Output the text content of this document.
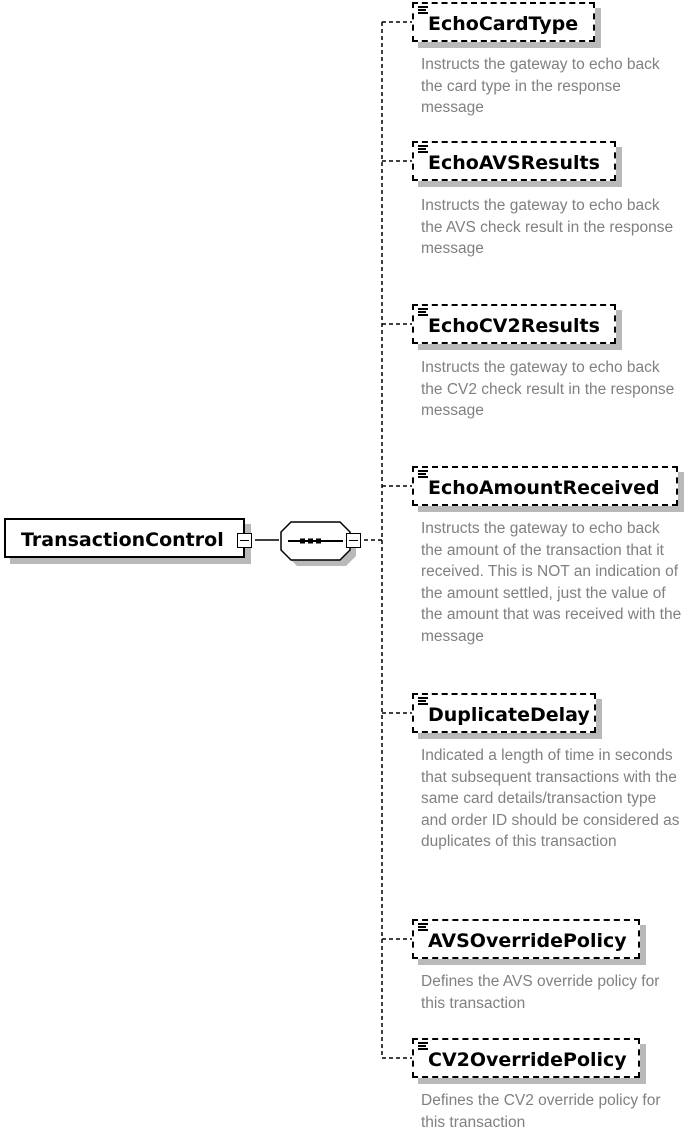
TransactionControl
EchoCardType
Instructs the gateway to echo back the card type in the response message
EchoAVSResults
Instructs the gateway to echo back the AVS check result in the response message
EchoCV2Results
Instructs the gateway to echo back the CV2 check result in the response message
EchoAmountReceived
Instructs the gateway to echo back the amount of the transaction that it received. This is NOT an indication of the amount settled, just the value of the amount that was received with the message
DuplicateDelay
Indicated a length of time in seconds that subsequent transactions with the same card details/transaction type and order ID should be considered as duplicates of this transaction
AVSOverridePolicy
Defines the AVS override policy for this transaction
CV2OverridePolicy
Defines the CV2 override policy for this transaction
